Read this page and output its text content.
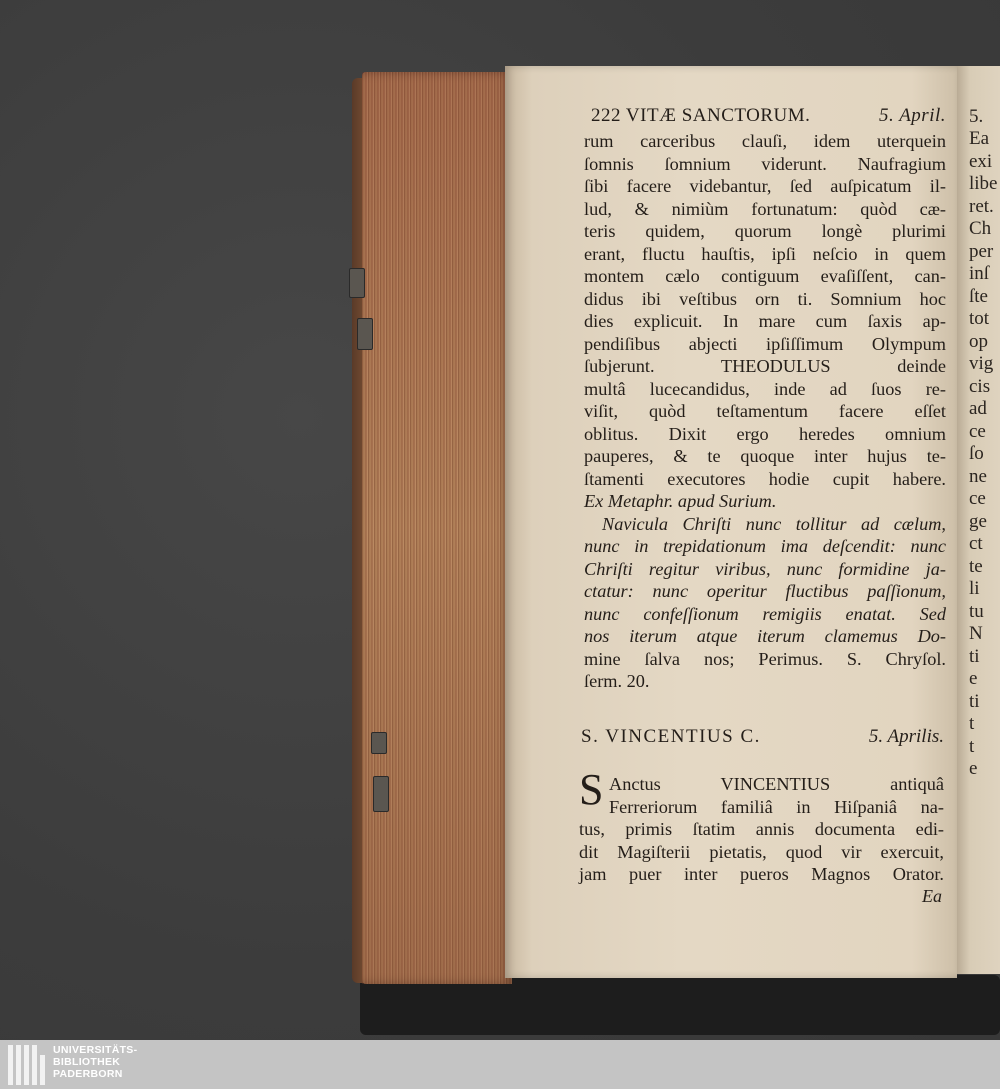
5.
Ea
exi
libe
ret.
Ch
per
inſ
ſte
tot
op
vig
cis
ad
ce
ſo
ne
ce
ge
ct
te
li
tu
N
ti
e
ti
t
t
e
222 VITÆ SANCTORUM.	5. April.
rum carceribus clauſi, idem uterquein
ſomnis ſomnium viderunt. Naufragium
ſibi facere videbantur, ſed auſpicatum il-
lud, & nimiùm fortunatum: quòd cæ-
teris quidem, quorum longè plurimi
erant, fluctu hauſtis, ipſi neſcio in quem
montem cælo contiguum evaſiſſent, can-
didus ibi veſtibus orn ti. Somnium hoc
dies explicuit. In mare cum ſaxis ap-
pendiſibus abjecti ipſiſſimum Olympum
ſubjerunt. THEODULUS deinde
multâ lucecandidus, inde ad ſuos re-
viſit, quòd teſtamentum facere eſſet
oblitus. Dixit ergo heredes omnium
pauperes, & te quoque inter hujus te-
ſtamenti executores hodie cupit habere.
Ex Metaphr. apud Surium.
Navicula Chriſti nunc tollitur ad cælum,
nunc in trepidationum ima deſcendit: nunc
Chriſti regitur viribus, nunc formidine ja-
ctatur: nunc operitur fluctibus paſſionum,
nunc confeſſionum remigiis enatat. Sed
nos iterum atque iterum clamemus Do-
mine ſalva nos; Perimus. S. Chryſol.
ſerm. 20.
S. VINCENTIUS C.	5. Aprilis.
S Anctus VINCENTIUS antiquâ
Ferreriorum familiâ in Hiſpaniâ na-
tus, primis ſtatim annis documenta edi-
dit Magiſterii pietatis, quod vir exercuit,
jam puer inter pueros Magnos Orator.
Ea
UNIVERSITÄTS-
BIBLIOTHEK
PADERBORN
